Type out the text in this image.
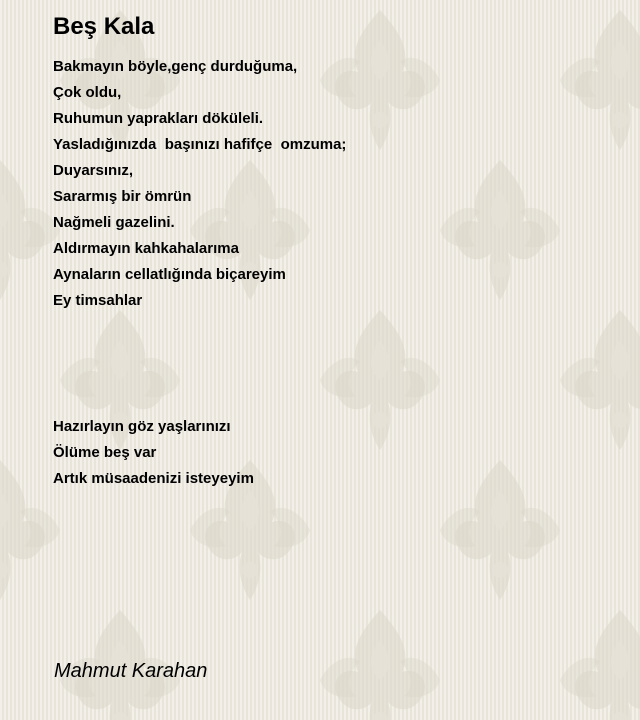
Beş Kala
Bakmayın böyle,genç durduğuma,
Çok oldu,
Ruhumun yaprakları döküleli.
Yasladığınızda  başınızı hafifçe  omzuma;
Duyarsınız,
Sararmış bir ömrün
Nağmeli gazelini.
Aldırmayın kahkahalarıma
Aynaların cellatlığında biçareyim
Ey timsahlar
Hazırlayın göz yaşlarınızı
Ölüme beş var
Artık müsaadenizi isteyeyim
Mahmut Karahan
